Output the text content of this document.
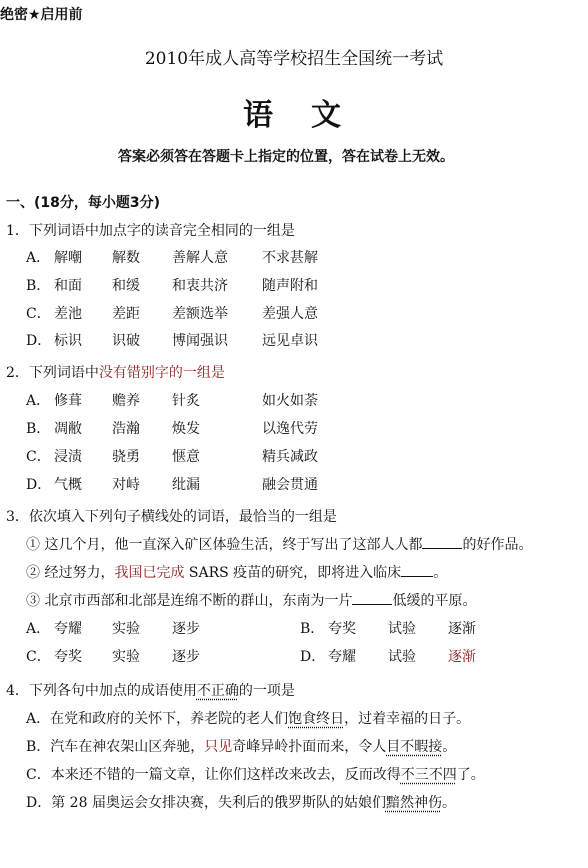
绝密★启用前
2010年成人高等学校招生全国统一考试
语　文
答案必须答在答题卡上指定的位置，答在试卷上无效。
一、(18分，每小题3分)
1．下列词语中加点字的读音完全相同的一组是
A． 解嘲 解数 善解人意 不求甚解
B． 和面 和缓 和衷共济 随声附和
C． 差池 差距 差额选举 差强人意
D． 标识 识破 博闻强识 远见卓识
2．下列词语中没有错别字的一组是
A． 修葺 赡养 针炙	如火如荼
B． 凋敝 浩瀚 焕发	以逸代劳
C． 浸渍 骁勇 惬意	精兵减政
D． 气概 对峙 纰漏	融会贯通
3．依次填入下列句子横线处的词语，最恰当的一组是
① 这几个月，他一直深入矿区体验生活，终于写出了这部人人都	的好作品。
② 经过努力，我国已完成 SARS 疫苗的研究，即将进入临床 。
③ 北京市西部和北部是连绵不断的群山，东南为一片	低缓的平原。
A． 夸耀 实验 逐步	B． 夸奖 试验 逐渐
C． 夸奖 实验 逐步	D． 夸耀 试验 逐渐
4．下列各句中加点的成语使用不正确的一项是
A．在党和政府的关怀下，养老院的老人们饱食终日，过着幸福的日子。
B．汽车在神农架山区奔驰，只见奇峰异岭扑面而来，令人目不暇接。
C．本来还不错的一篇文章，让你们这样改来改去，反而改得不三不四了。
D．第 28 届奥运会女排决赛，失利后的俄罗斯队的姑娘们黯然神伤。
